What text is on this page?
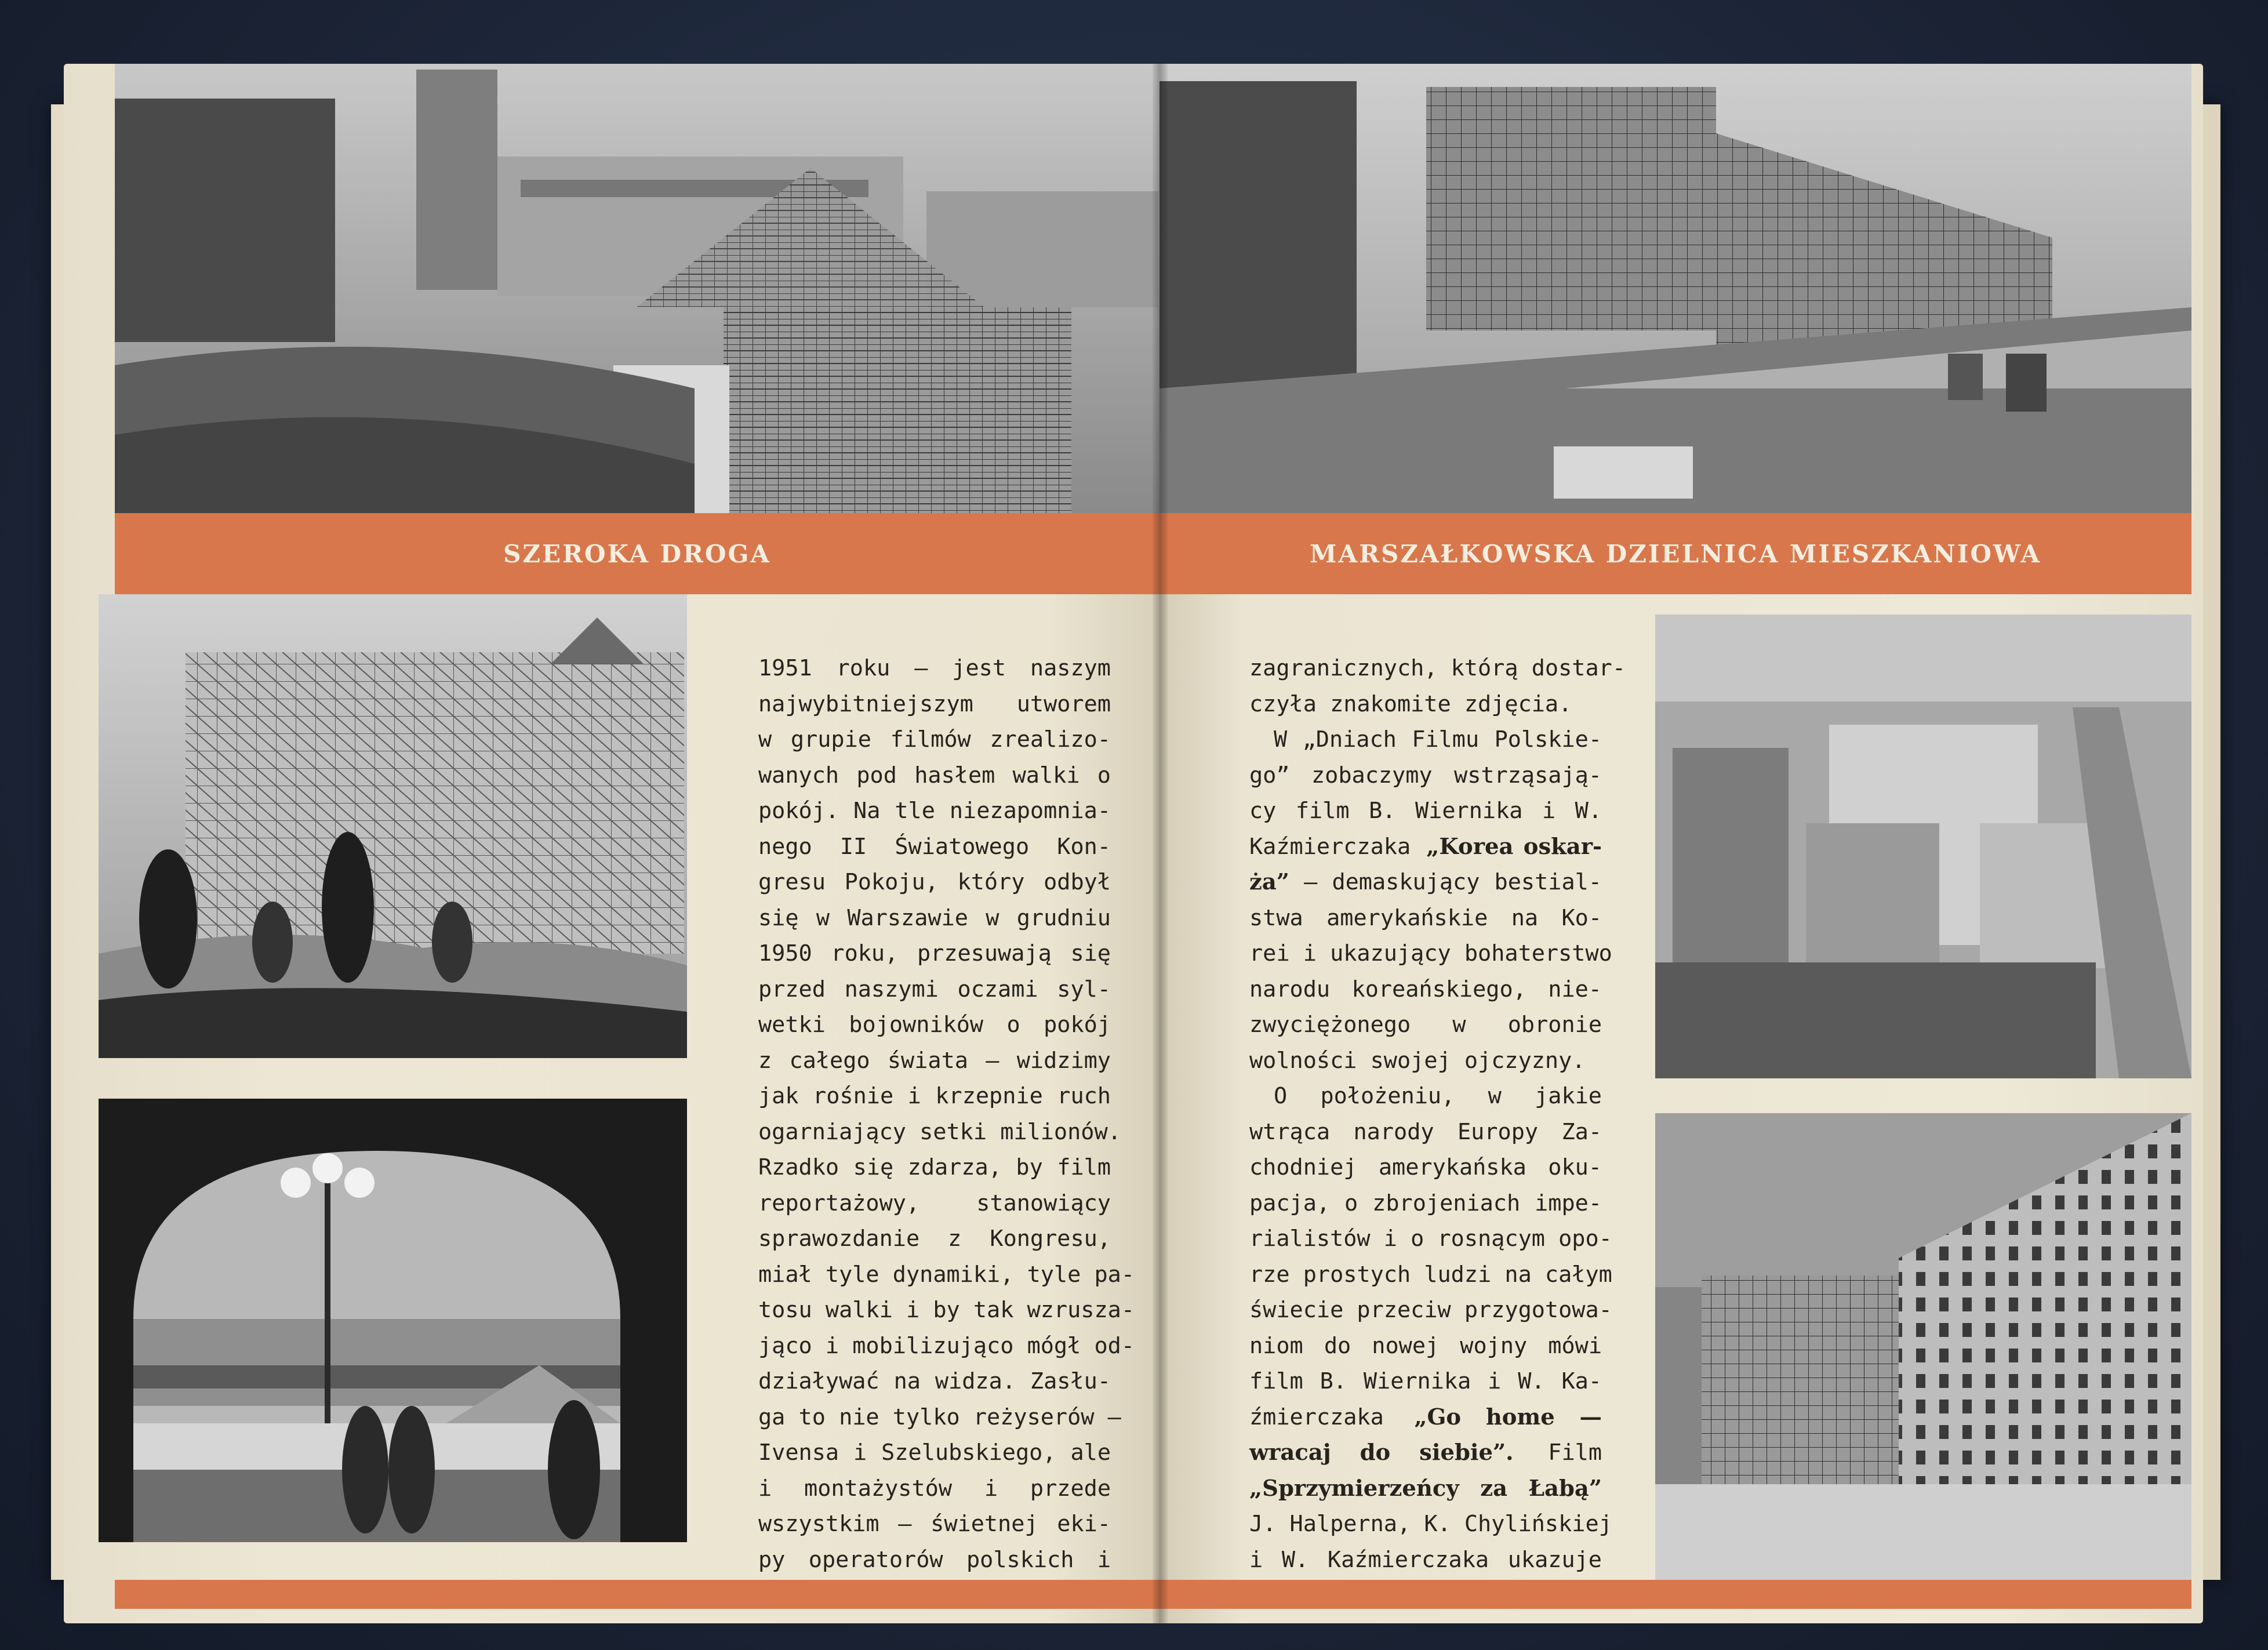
SZEROKA DROGA
1951 roku — jest naszym
najwybitniejszym utworem
w grupie filmów zrealizo-
wanych pod hasłem walki o
pokój. Na tle niezapomnia-
nego II Światowego Kon-
gresu Pokoju, który odbył
się w Warszawie w grudniu
1950 roku, przesuwają się
przed naszymi oczami syl-
wetki bojowników o pokój
z całego świata — widzimy
jak rośnie i krzepnie ruch
ogarniający setki milionów.
Rzadko się zdarza, by film
reportażowy, stanowiący
sprawozdanie z Kongresu,
miał tyle dynamiki, tyle pa-
tosu walki i by tak wzrusza-
jąco i mobilizująco mógł od-
działywać na widza. Zasłu-
ga to nie tylko reżyserów —
Ivensa i Szelubskiego, ale
i montażystów i przede
wszystkim — świetnej eki-
py operatorów polskich i
MARSZAŁKOWSKA DZIELNICA MIESZKANIOWA
zagranicznych, którą dostar-
czyła znakomite zdjęcia.
W „Dniach Filmu Polskie-
go” zobaczymy wstrząsają-
cy film B. Wiernika i W.
Kaźmierczaka „Korea oskar-
ża” — demaskujący bestial-
stwa amerykańskie na Ko-
rei i ukazujący bohaterstwo
narodu koreańskiego, nie-
zwyciężonego w obronie
wolności swojej ojczyzny.
O położeniu, w jakie
wtrąca narody Europy Za-
chodniej amerykańska oku-
pacja, o zbrojeniach impe-
rialistów i o rosnącym opo-
rze prostych ludzi na całym
świecie przeciw przygotowa-
niom do nowej wojny mówi
film B. Wiernika i W. Ka-
źmierczaka „Go home —
wracaj do siebie”. Film
„Sprzymierzeńcy za Łabą”
J. Halperna, K. Chylińskiej
i W. Kaźmierczaka ukazuje
